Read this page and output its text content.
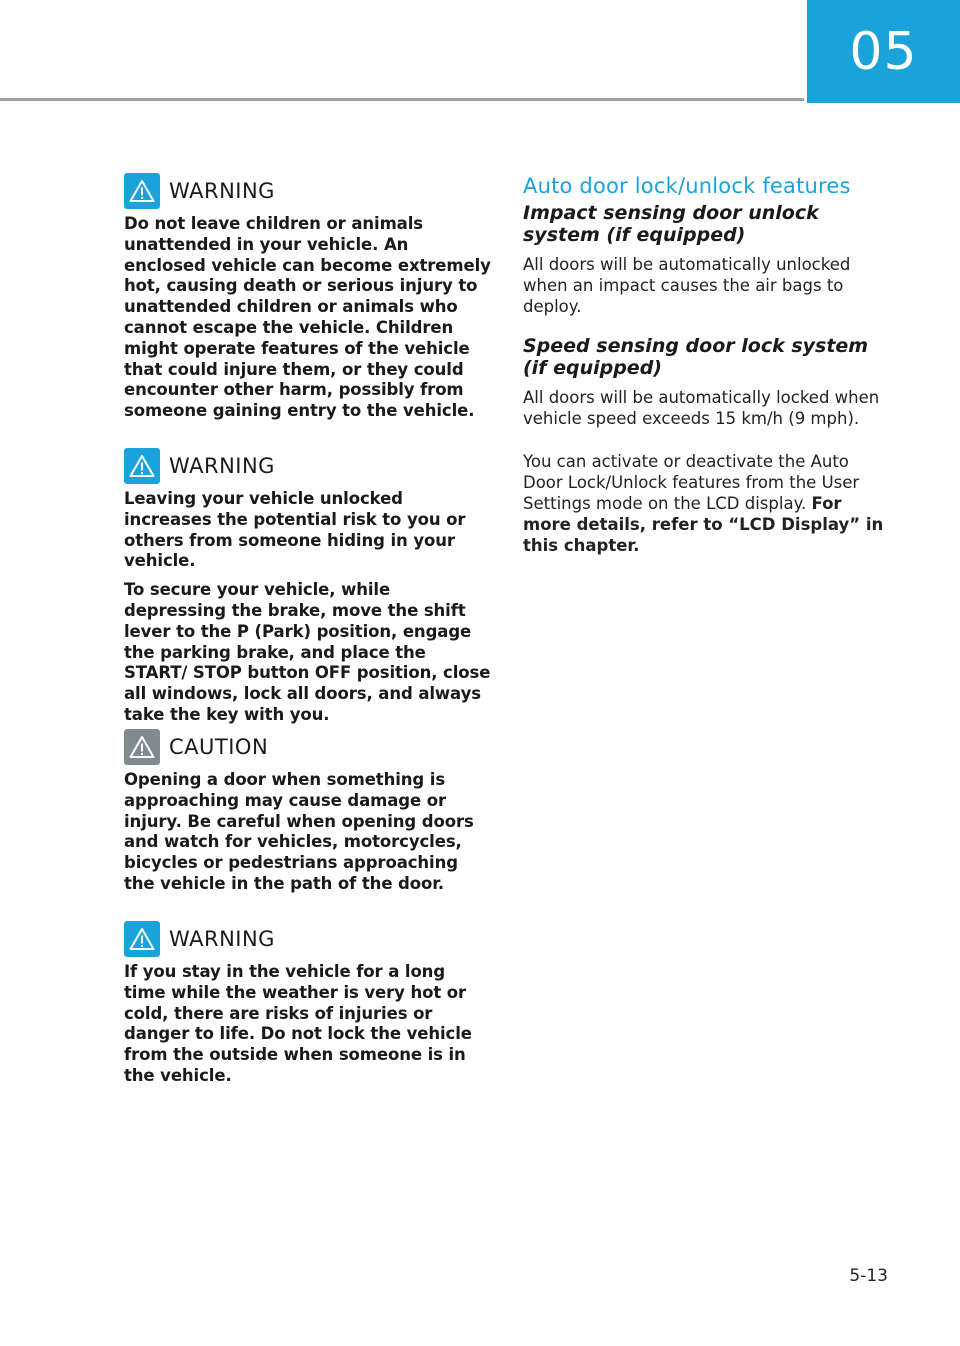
05
WARNING

Do not leave children or animals unattended in your vehicle. An enclosed vehicle can become extremely hot, causing death or serious injury to unattended children or animals who cannot escape the vehicle. Children might operate features of the vehicle that could injure them, or they could encounter other harm, possibly from someone gaining entry to the vehicle.

WARNING

Leaving your vehicle unlocked increases the potential risk to you or others from someone hiding in your vehicle.

To secure your vehicle, while depressing the brake, move the shift lever to the P (Park) position, engage the parking brake, and place the START/ STOP button OFF position, close all windows, lock all doors, and always take the key with you.

CAUTION

Opening a door when something is approaching may cause damage or injury. Be careful when opening doors and watch for vehicles, motorcycles, bicycles or pedestrians approaching the vehicle in the path of the door.

WARNING

If you stay in the vehicle for a long time while the weather is very hot or cold, there are risks of injuries or danger to life. Do not lock the vehicle from the outside when someone is in the vehicle.

Auto door lock/unlock features
Impact sensing door unlock system (if equipped)

All doors will be automatically unlocked when an impact causes the air bags to deploy.

Speed sensing door lock system (if equipped)

All doors will be automatically locked when vehicle speed exceeds 15 km/h (9 mph).

You can activate or deactivate the Auto Door Lock/Unlock features from the User Settings mode on the LCD display. For more details, refer to “LCD Display” in this chapter.

5-13
